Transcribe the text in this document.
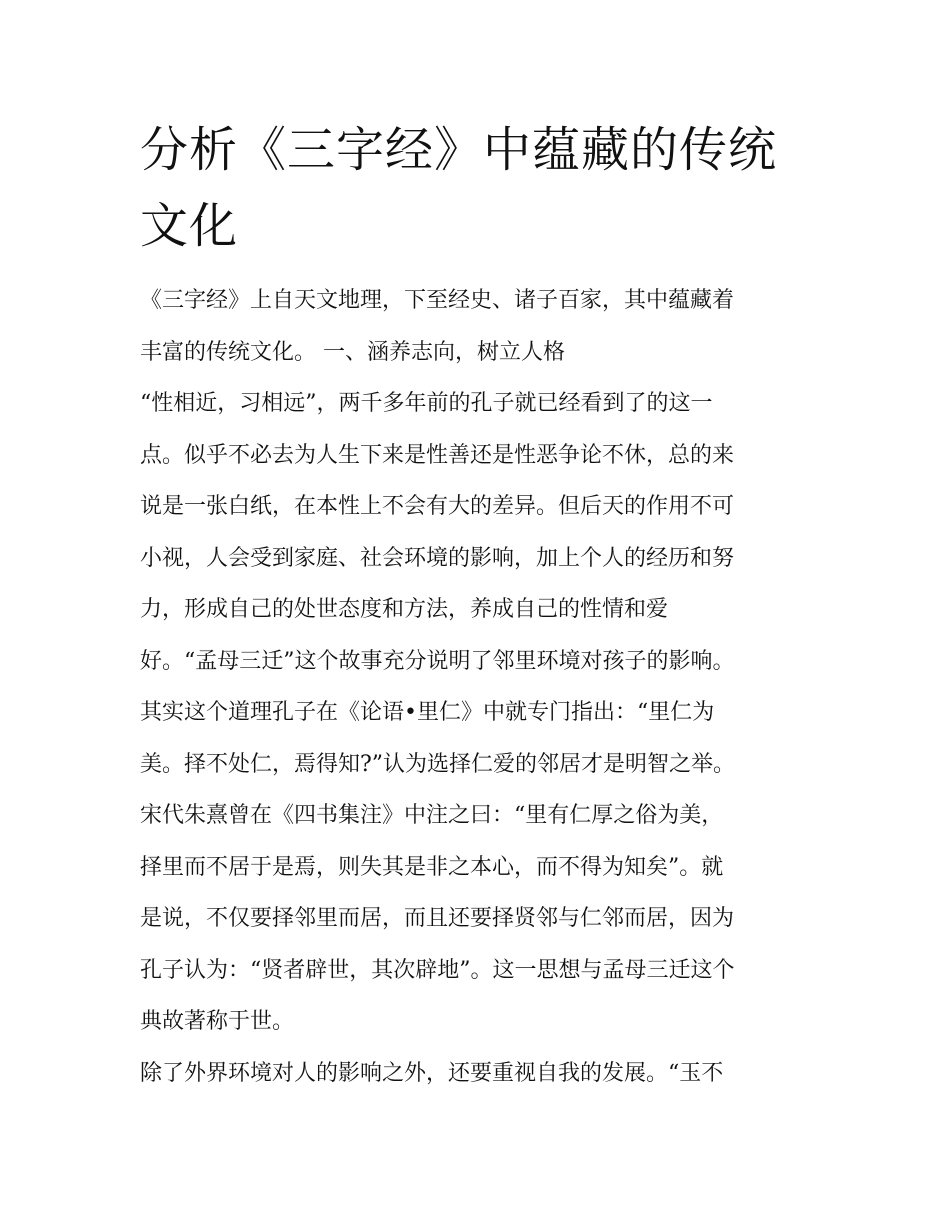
分析《三字经》中蕴藏的传统文化
《三字经》上自天文地理，下至经史、诸子百家，其中蕴藏着
丰富的传统文化。 一、涵养志向，树立人格
“性相近，习相远”，两千多年前的孔子就已经看到了的这一
点。似乎不必去为人生下来是性善还是性恶争论不休，总的来
说是一张白纸，在本性上不会有大的差异。但后天的作用不可
小视，人会受到家庭、社会环境的影响，加上个人的经历和努
力，形成自己的处世态度和方法，养成自己的性情和爱
好。“孟母三迁”这个故事充分说明了邻里环境对孩子的影响。
其实这个道理孔子在《论语•里仁》中就专门指出：“里仁为
美。择不处仁，焉得知?”认为选择仁爱的邻居才是明智之举。
宋代朱熹曾在《四书集注》中注之曰：“里有仁厚之俗为美，
择里而不居于是焉，则失其是非之本心，而不得为知矣”。就
是说，不仅要择邻里而居，而且还要择贤邻与仁邻而居，因为
孔子认为：“贤者辟世，其次辟地”。这一思想与孟母三迁这个
典故著称于世。
除了外界环境对人的影响之外，还要重视自我的发展。“玉不
